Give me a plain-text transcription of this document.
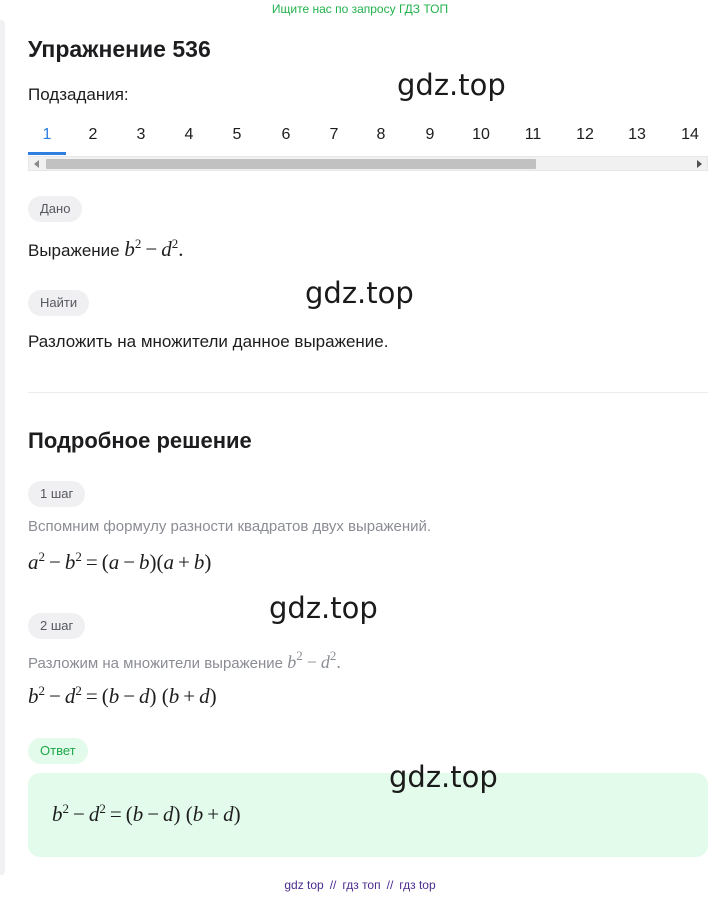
Ищите нас по запросу ГДЗ ТОП
Упражнение 536
Подзадания:
1	2	3	4	5	6	7	8	9	10	11	12	13	14
Дано
Выражение $b^2 - d^2$.
Найти
Разложить на множители данное выражение.
Подробное решение
1 шаг
Вспомним формулу разности квадратов двух выражений.
$a^2 - b^2 = (a - b)(a + b)$
2 шаг
Разложим на множители выражение $b^2 - d^2$.
$b^2 - d^2 = (b - d) (b + d)$
Ответ
$b^2 - d^2 = (b - d) (b + d)$
gdz.top
gdz.top
gdz.top
gdz.top
gdz top // гдз топ // гдз top
